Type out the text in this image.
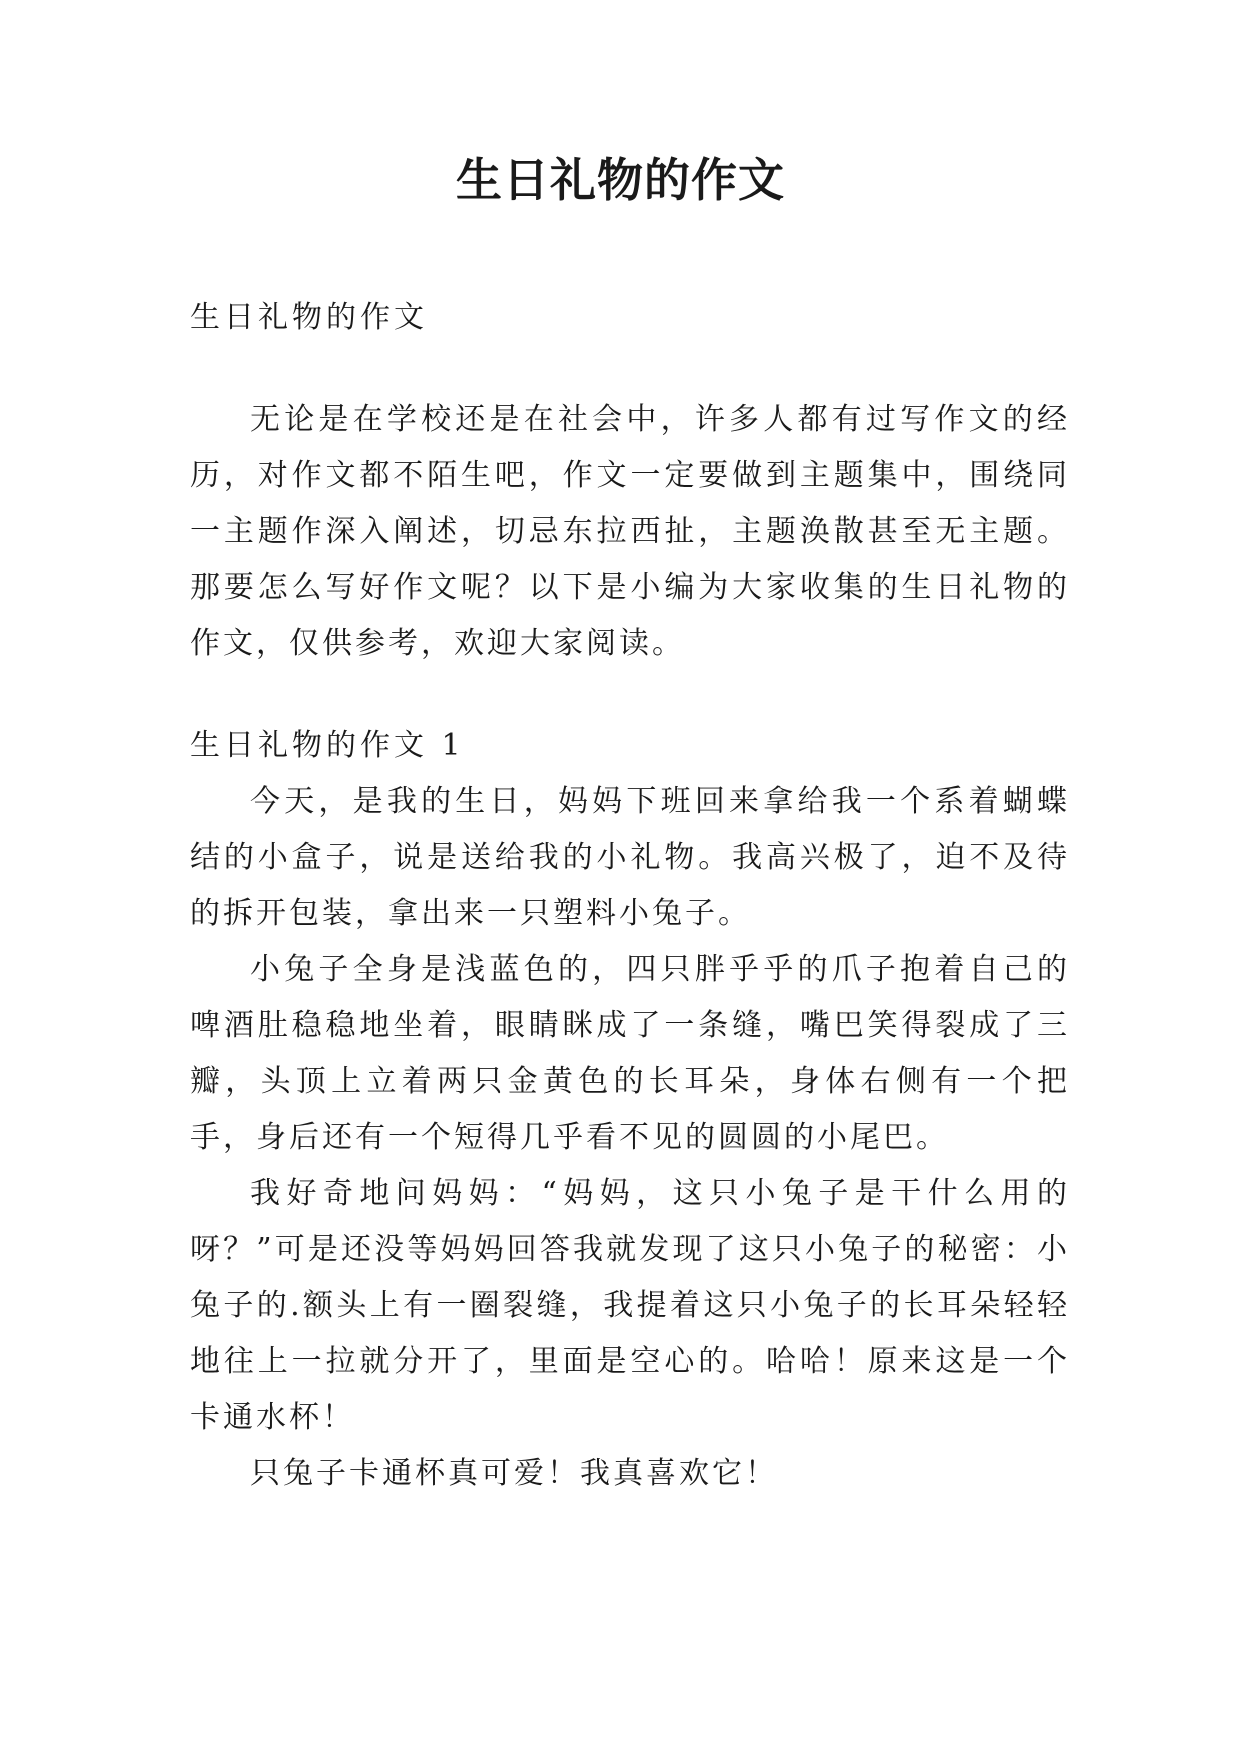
生日礼物的作文

生日礼物的作文

无论是在学校还是在社会中，许多人都有过写作文的经历，对作文都不陌生吧，作文一定要做到主题集中，围绕同一主题作深入阐述，切忌东拉西扯，主题涣散甚至无主题。那要怎么写好作文呢？以下是小编为大家收集的生日礼物的作文，仅供参考，欢迎大家阅读。

生日礼物的作文 1

今天，是我的生日，妈妈下班回来拿给我一个系着蝴蝶结的小盒子，说是送给我的小礼物。我高兴极了，迫不及待的拆开包装，拿出来一只塑料小兔子。

小兔子全身是浅蓝色的，四只胖乎乎的爪子抱着自己的啤酒肚稳稳地坐着，眼睛眯成了一条缝，嘴巴笑得裂成了三瓣，头顶上立着两只金黄色的长耳朵，身体右侧有一个把手，身后还有一个短得几乎看不见的圆圆的小尾巴。

我好奇地问妈妈：“妈妈，这只小兔子是干什么用的呀？”可是还没等妈妈回答我就发现了这只小兔子的秘密：小兔子的.额头上有一圈裂缝，我提着这只小兔子的长耳朵轻轻地往上一拉就分开了，里面是空心的。哈哈！原来这是一个卡通水杯！

只兔子卡通杯真可爱！我真喜欢它！
